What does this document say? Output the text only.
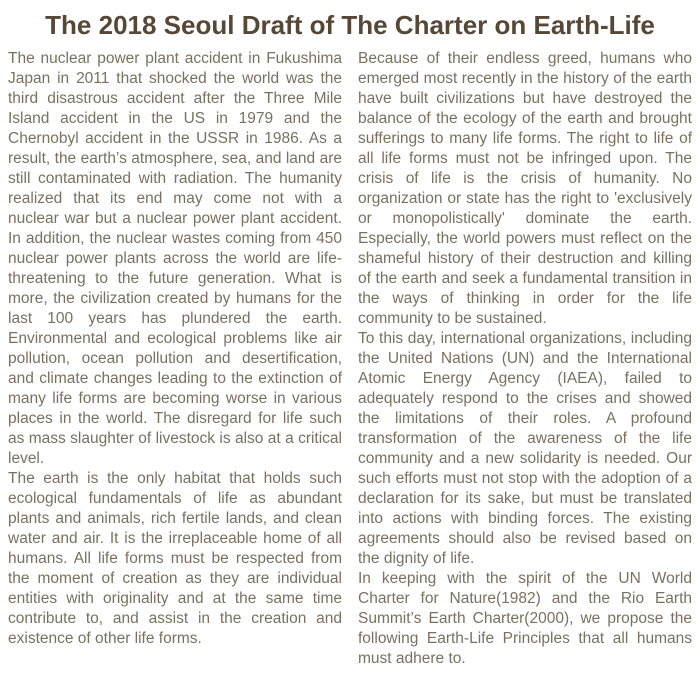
The 2018 Seoul Draft of The Charter on Earth-Life

The nuclear power plant accident in Fukushima Japan in 2011 that shocked the world was the third disastrous accident after the Three Mile Island accident in the US in 1979 and the Chernobyl accident in the USSR in 1986. As a result, the earth’s atmosphere, sea, and land are still contaminated with radiation. The humanity realized that its end may come not with a nuclear war but a nuclear power plant accident. In addition, the nuclear wastes coming from 450 nuclear power plants across the world are life-threatening to the future generation. What is more, the civilization created by humans for the last 100 years has plundered the earth. Environmental and ecological problems like air pollution, ocean pollution and desertification, and climate changes leading to the extinction of many life forms are becoming worse in various places in the world. The disregard for life such as mass slaughter of livestock is also at a critical level.

The earth is the only habitat that holds such ecological fundamentals of life as abundant plants and animals, rich fertile lands, and clean water and air. It is the irreplaceable home of all humans. All life forms must be respected from the moment of creation as they are individual entities with originality and at the same time contribute to, and assist in the creation and existence of other life forms.

Because of their endless greed, humans who emerged most recently in the history of the earth have built civilizations but have destroyed the balance of the ecology of the earth and brought sufferings to many life forms. The right to life of all life forms must not be infringed upon. The crisis of life is the crisis of humanity. No organization or state has the right to 'exclusively or monopolistically' dominate the earth. Especially, the world powers must reflect on the shameful history of their destruction and killing of the earth and seek a fundamental transition in the ways of thinking in order for the life community to be sustained.

To this day, international organizations, including the United Nations (UN) and the International Atomic Energy Agency (IAEA), failed to adequately respond to the crises and showed the limitations of their roles. A profound transformation of the awareness of the life community and a new solidarity is needed. Our such efforts must not stop with the adoption of a declaration for its sake, but must be translated into actions with binding forces. The existing agreements should also be revised based on the dignity of life.

In keeping with the spirit of the UN World Charter for Nature(1982) and the Rio Earth Summit’s Earth Charter(2000), we propose the following Earth-Life Principles that all humans must adhere to.
